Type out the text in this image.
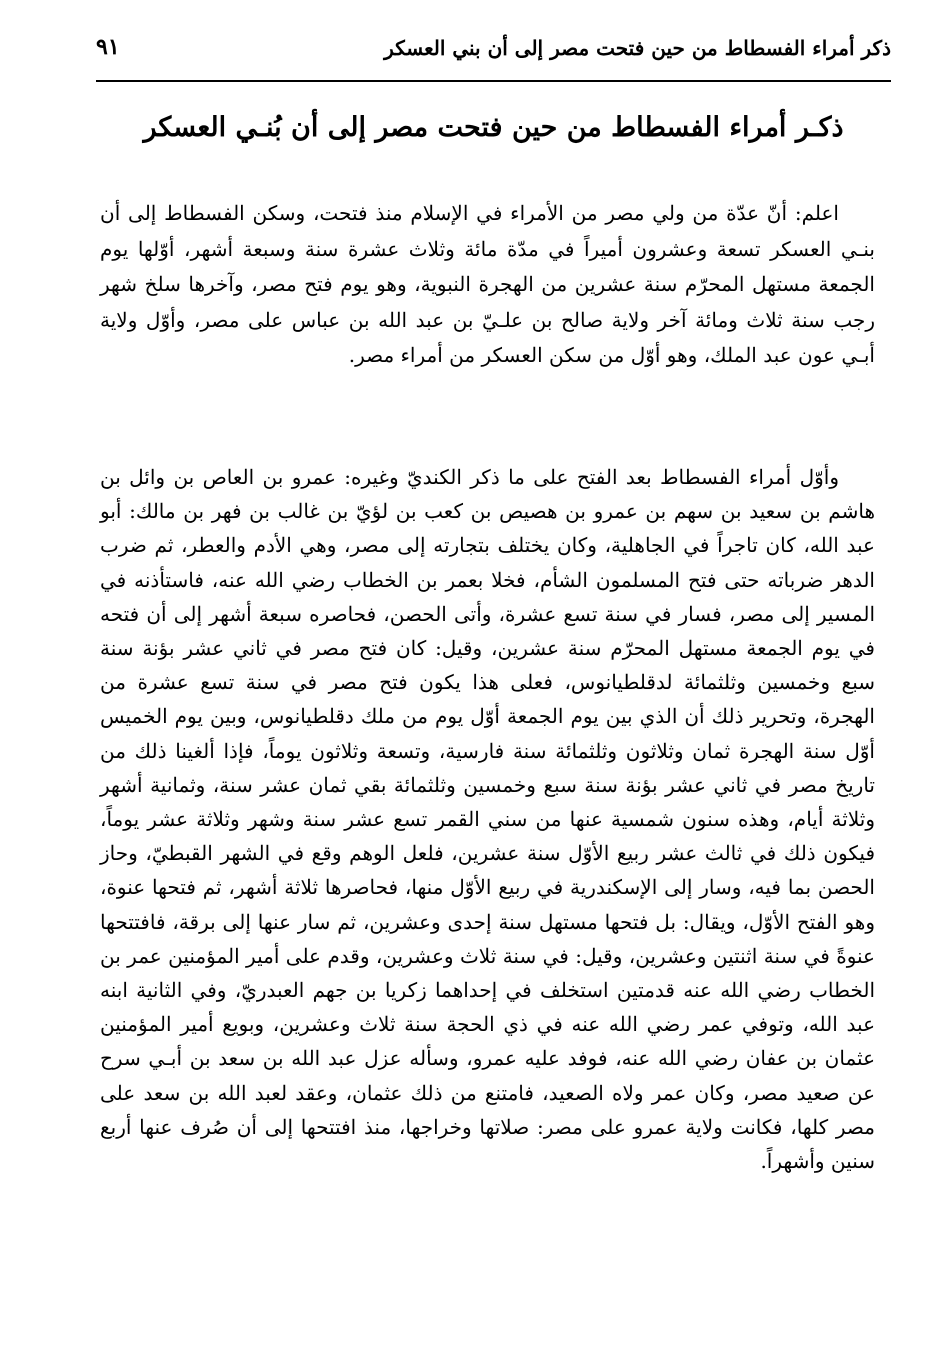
ذكر أمراء الفسطاط من حين فتحت مصر إلى أن بني العسكر
٩١
ذكـر أمراء الفسطاط من حين فتحت مصر إلى أن بُنـي العسكر

اعلم: أنّ عدّة من ولي مصر من الأمراء في الإسلام منذ فتحت، وسكن الفسطاط إلى أن بنـي العسكر تسعة وعشرون أميراً في مدّة مائة وثلاث عشرة سنة وسبعة أشهر، أوّلها يوم الجمعة مستهل المحرّم سنة عشرين من الهجرة النبوية، وهو يوم فتح مصر، وآخرها سلخ شهر رجب سنة ثلاث ومائة آخر ولاية صالح بن علـيّ بن عبد الله بن عباس على مصر، وأوّل ولاية أبـي عون عبد الملك، وهو أوّل من سكن العسكر من أمراء مصر.

وأوّل أمراء الفسطاط بعد الفتح على ما ذكر الكنديّ وغيره: عمرو بن العاص بن وائل بن هاشم بن سعيد بن سهم بن عمرو بن هصيص بن كعب بن لؤيّ بن غالب بن فهر بن مالك: أبو عبد الله، كان تاجراً في الجاهلية، وكان يختلف بتجارته إلى مصر، وهي الأدم والعطر، ثم ضرب الدهر ضرباته حتى فتح المسلمون الشأم، فخلا بعمر بن الخطاب رضي الله عنه، فاستأذنه في المسير إلى مصر، فسار في سنة تسع عشرة، وأتى الحصن، فحاصره سبعة أشهر إلى أن فتحه في يوم الجمعة مستهل المحرّم سنة عشرين، وقيل: كان فتح مصر في ثاني عشر بؤنة سنة سبع وخمسين وثلثمائة لدقلطيانوس، فعلى هذا يكون فتح مصر في سنة تسع عشرة من الهجرة، وتحرير ذلك أن الذي بين يوم الجمعة أوّل يوم من ملك دقلطيانوس، وبين يوم الخميس أوّل سنة الهجرة ثمان وثلاثون وثلثمائة سنة فارسية، وتسعة وثلاثون يوماً، فإذا ألغينا ذلك من تاريخ مصر في ثاني عشر بؤنة سنة سبع وخمسين وثلثمائة بقي ثمان عشر سنة، وثمانية أشهر وثلاثة أيام، وهذه سنون شمسية عنها من سني القمر تسع عشر سنة وشهر وثلاثة عشر يوماً، فيكون ذلك في ثالث عشر ربيع الأوّل سنة عشرين، فلعل الوهم وقع في الشهر القبطيّ، وحاز الحصن بما فيه، وسار إلى الإسكندرية في ربيع الأوّل منها، فحاصرها ثلاثة أشهر، ثم فتحها عنوة، وهو الفتح الأوّل، ويقال: بل فتحها مستهل سنة إحدى وعشرين، ثم سار عنها إلى برقة، فافتتحها عنوةً في سنة اثنتين وعشرين، وقيل: في سنة ثلاث وعشرين، وقدم على أمير المؤمنين عمر بن الخطاب رضي الله عنه قدمتين استخلف في إحداهما زكريا بن جهم العبدريّ، وفي الثانية ابنه عبد الله، وتوفي عمر رضي الله عنه في ذي الحجة سنة ثلاث وعشرين، وبويع أمير المؤمنين عثمان بن عفان رضي الله عنه، فوفد عليه عمرو، وسأله عزل عبد الله بن سعد بن أبـي سرح عن صعيد مصر، وكان عمر ولاه الصعيد، فامتنع من ذلك عثمان، وعقد لعبد الله بن سعد على مصر كلها، فكانت ولاية عمرو على مصر: صلاتها وخراجها، منذ افتتحها إلى أن صُرف عنها أربع سنين وأشهراً.
